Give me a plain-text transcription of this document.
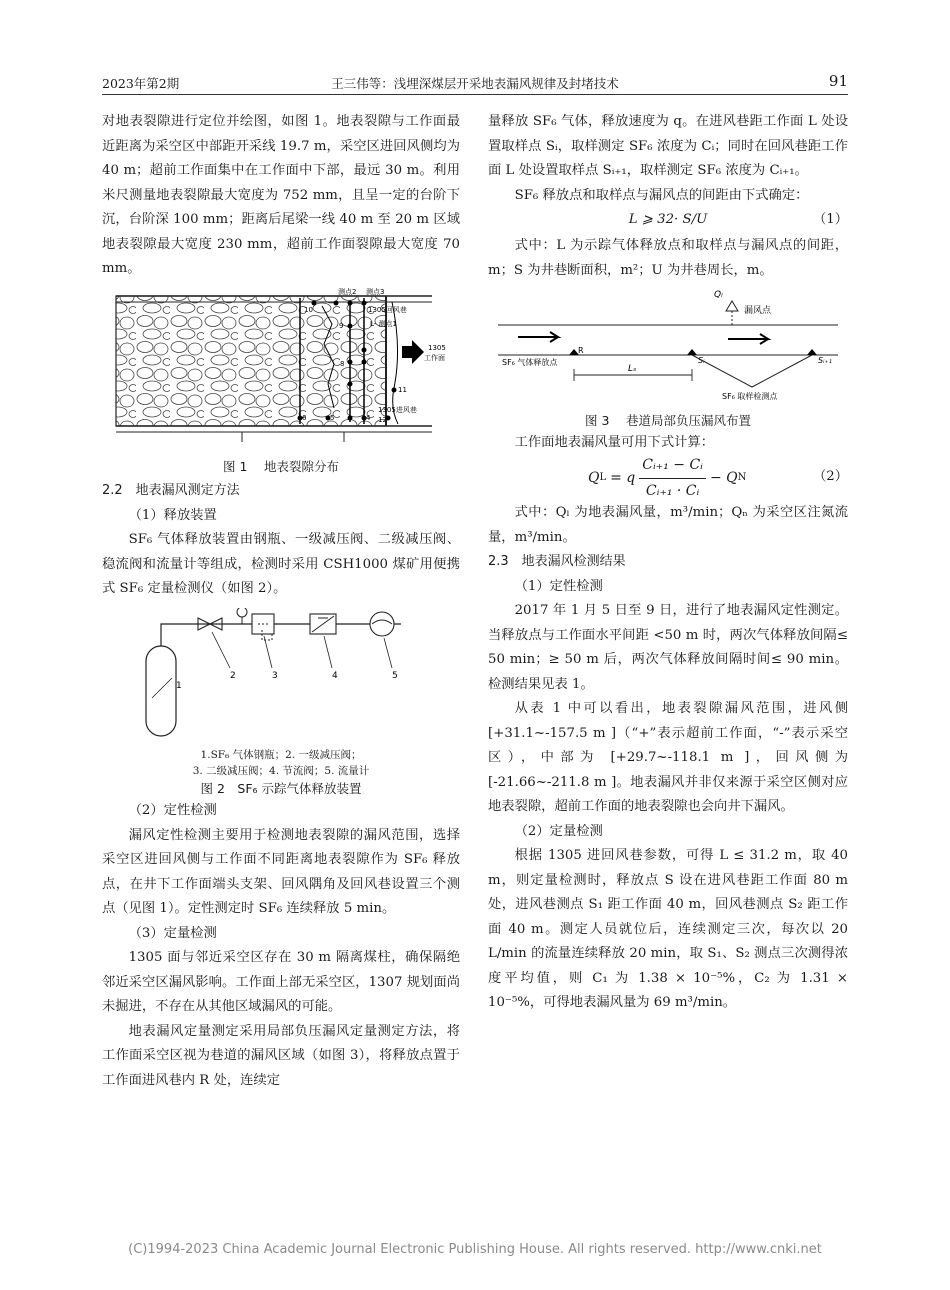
2023年第2期	王三伟等：浅埋深煤层开采地表漏风规律及封堵技术	91

对地表裂隙进行定位并绘图，如图 1。地表裂隙与工作面最近距离为采空区中部距开采线 19.7 m，采空区进回风侧均为 40 m；超前工作面集中在工作面中下部，最远 30 m。利用米尺测量地表裂隙最大宽度为 752 mm，且呈一定的台阶下沉，台阶深 100 mm；距离后尾梁一线 40 m 至 20 m 区域地表裂隙最大宽度 230 mm，超前工作面裂隙最大宽度 70 mm。

测点2 测点3
1305回风巷
L- 测点1
1305
工作面
1305进风巷
10
9
8
11
12
6	5	4
图 1　 地表裂隙分布

2.2　地表漏风测定方法

（1）释放装置

SF₆ 气体释放装置由钢瓶、一级减压阀、二级减压阀、稳流阀和流量计等组成，检测时采用 CSH1000 煤矿用便携式 SF₆ 定量检测仪（如图 2）。

1
2	3	4	5
1.SF₆ 气体钢瓶；2. 一级减压阀；
3. 二级减压阀；4. 节流阀；5. 流量计
图 2　SF₆ 示踪气体释放装置

（2）定性检测

漏风定性检测主要用于检测地表裂隙的漏风范围，选择采空区进回风侧与工作面不同距离地表裂隙作为 SF₆ 释放点，在井下工作面端头支架、回风隅角及回风巷设置三个测点（见图 1）。定性测定时 SF₆ 连续释放 5 min。

（3）定量检测

1305 面与邻近采空区存在 30 m 隔离煤柱，确保隔绝邻近采空区漏风影响。工作面上部无采空区，1307 规划面尚未掘进，不存在从其他区域漏风的可能。

地表漏风定量测定采用局部负压漏风定量测定方法，将工作面采空区视为巷道的漏风区域（如图 3），将释放点置于工作面进风巷内 R 处，连续定

量释放 SF₆ 气体，释放速度为 q。在进风巷距工作面 L 处设置取样点 Sᵢ，取样测定 SF₆ 浓度为 Cᵢ；同时在回风巷距工作面 L 处设置取样点 Sᵢ₊₁，取样测定 SF₆ 浓度为 Cᵢ₊₁。

SF₆ 释放点和取样点与漏风点的间距由下式确定：

L ⩾ 32· S/U	（1）

式中：L 为示踪气体释放点和取样点与漏风点的间距，m；S 为井巷断面积，m²；U 为井巷周长，m。

Qₗ
漏风点
SF₆ 气体释放点
R
Sᵢ	Sᵢ₊₁
Lₛ
SF₆ 取样检测点
图 3　 巷道局部负压漏风布置

工作面地表漏风量可用下式计算：

Q L = q $\frac{\text{Cᵢ₊₁ − Cᵢ}}{\text{Cᵢ₊₁ · Cᵢ}} - Q$ N	（2）

式中：Qₗ 为地表漏风量，m³/min；Qₙ 为采空区注氮流量，m³/min。

2.3　地表漏风检测结果

（1）定性检测

2017 年 1 月 5 日至 9 日，进行了地表漏风定性测定。当释放点与工作面水平间距 <50 m 时，两次气体释放间隔≤ 50 min；≥ 50 m 后，两次气体释放间隔时间≤ 90 min。检测结果见表 1。

从表 1 中可以看出，地表裂隙漏风范围，进风侧 [+31.1~-157.5 m ]（“+”表示超前工作面，“-”表示采空区），中部为 [+29.7~-118.1 m ]，回风侧为 [-21.66~-211.8 m ]。地表漏风并非仅来源于采空区侧对应地表裂隙，超前工作面的地表裂隙也会向井下漏风。

（2）定量检测

根据 1305 进回风巷参数，可得 L ≤ 31.2 m，取 40 m，则定量检测时，释放点 S 设在进风巷距工作面 80 m 处，进风巷测点 S₁ 距工作面 40 m，回风巷测点 S₂ 距工作面 40 m。测定人员就位后，连续测定三次，每次以 20 L/min 的流量连续释放 20 min，取 S₁、S₂ 测点三次测得浓度平均值，则 C₁ 为 1.38 × 10⁻⁵%，C₂ 为 1.31 × 10⁻⁵%，可得地表漏风量为 69 m³/min。

(C)1994-2023 China Academic Journal Electronic Publishing House. All rights reserved. http://www.cnki.net
